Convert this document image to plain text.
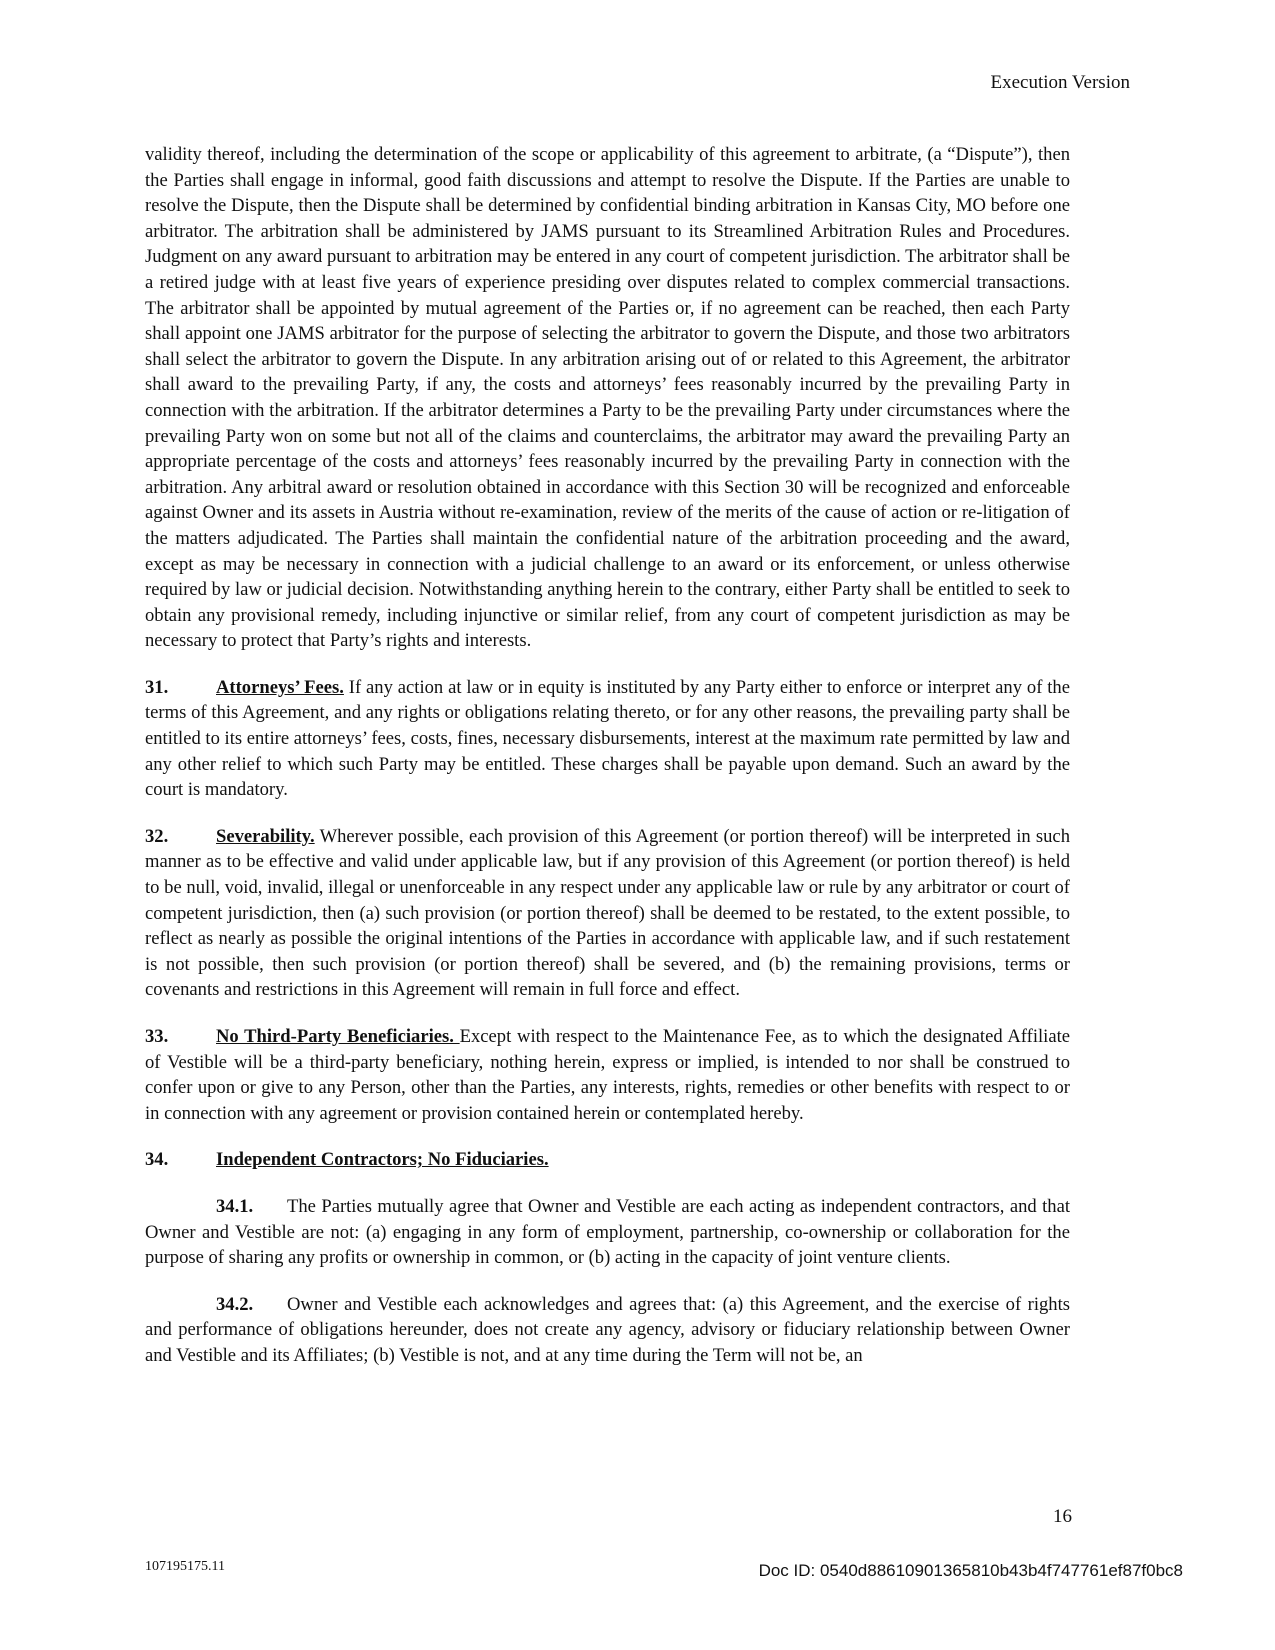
Execution Version

validity thereof, including the determination of the scope or applicability of this agreement to arbitrate, (a “Dispute”), then the Parties shall engage in informal, good faith discussions and attempt to resolve the Dispute. If the Parties are unable to resolve the Dispute, then the Dispute shall be determined by confidential binding arbitration in Kansas City, MO before one arbitrator. The arbitration shall be administered by JAMS pursuant to its Streamlined Arbitration Rules and Procedures. Judgment on any award pursuant to arbitration may be entered in any court of competent jurisdiction. The arbitrator shall be a retired judge with at least five years of experience presiding over disputes related to complex commercial transactions. The arbitrator shall be appointed by mutual agreement of the Parties or, if no agreement can be reached, then each Party shall appoint one JAMS arbitrator for the purpose of selecting the arbitrator to govern the Dispute, and those two arbitrators shall select the arbitrator to govern the Dispute. In any arbitration arising out of or related to this Agreement, the arbitrator shall award to the prevailing Party, if any, the costs and attorneys’ fees reasonably incurred by the prevailing Party in connection with the arbitration. If the arbitrator determines a Party to be the prevailing Party under circumstances where the prevailing Party won on some but not all of the claims and counterclaims, the arbitrator may award the prevailing Party an appropriate percentage of the costs and attorneys’ fees reasonably incurred by the prevailing Party in connection with the arbitration. Any arbitral award or resolution obtained in accordance with this Section 30 will be recognized and enforceable against Owner and its assets in Austria without re-examination, review of the merits of the cause of action or re-litigation of the matters adjudicated. The Parties shall maintain the confidential nature of the arbitration proceeding and the award, except as may be necessary in connection with a judicial challenge to an award or its enforcement, or unless otherwise required by law or judicial decision. Notwithstanding anything herein to the contrary, either Party shall be entitled to seek to obtain any provisional remedy, including injunctive or similar relief, from any court of competent jurisdiction as may be necessary to protect that Party’s rights and interests.

31.	Attorneys’ Fees. If any action at law or in equity is instituted by any Party either to enforce or interpret any of the terms of this Agreement, and any rights or obligations relating thereto, or for any other reasons, the prevailing party shall be entitled to its entire attorneys’ fees, costs, fines, necessary disbursements, interest at the maximum rate permitted by law and any other relief to which such Party may be entitled. These charges shall be payable upon demand. Such an award by the court is mandatory.

32.	Severability. Wherever possible, each provision of this Agreement (or portion thereof) will be interpreted in such manner as to be effective and valid under applicable law, but if any provision of this Agreement (or portion thereof) is held to be null, void, invalid, illegal or unenforceable in any respect under any applicable law or rule by any arbitrator or court of competent jurisdiction, then (a) such provision (or portion thereof) shall be deemed to be restated, to the extent possible, to reflect as nearly as possible the original intentions of the Parties in accordance with applicable law, and if such restatement is not possible, then such provision (or portion thereof) shall be severed, and (b) the remaining provisions, terms or covenants and restrictions in this Agreement will remain in full force and effect.

33.	No Third-Party Beneficiaries. Except with respect to the Maintenance Fee, as to which the designated Affiliate of Vestible will be a third-party beneficiary, nothing herein, express or implied, is intended to nor shall be construed to confer upon or give to any Person, other than the Parties, any interests, rights, remedies or other benefits with respect to or in connection with any agreement or provision contained herein or contemplated hereby.

34.	Independent Contractors; No Fiduciaries.

34.1. The Parties mutually agree that Owner and Vestible are each acting as independent contractors, and that Owner and Vestible are not: (a) engaging in any form of employment, partnership, co-ownership or collaboration for the purpose of sharing any profits or ownership in common, or (b) acting in the capacity of joint venture clients.

34.2. Owner and Vestible each acknowledges and agrees that: (a) this Agreement, and the exercise of rights and performance of obligations hereunder, does not create any agency, advisory or fiduciary relationship between Owner and Vestible and its Affiliates; (b) Vestible is not, and at any time during the Term will not be, an

16
107195175.11	Doc ID: 0540d88610901365810b43b4f747761ef87f0bc8
